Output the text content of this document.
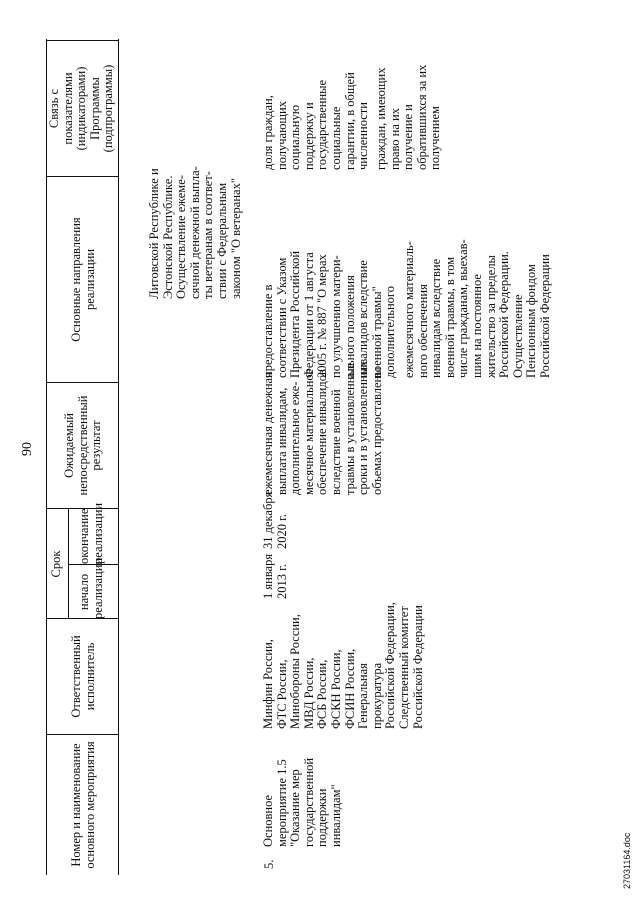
90
Номер и наименование основного мероприятия
Ответственный исполнитель
Срок
начало реализации
окончание реализации
Ожидаемый непосредственный результат
Основные направления реализации
Связь с показателями (индикаторами) Программы (подпрограммы)
Литовской Республике и Эстонской Республике. Осуществление ежеме- сячной денежной выпла- ты ветеранам в соответ- ствии с Федеральным законом "О ветеранах"
5.
Основное мероприятие 1.5 "Оказание мер государственной поддержки инвалидам"
Минфин России, ФТС России, Минобороны России, МВД России, ФСБ России, ФСКН России, ФСИН России, Генеральная прокуратура Российской Федерации, Следственный комитет Российской Федерации
1 января 2013 г.
31 декабря 2020 г.
ежемесячная денежная выплата инвалидам, дополнительное еже- месячное материальное обеспечение инвалидов вследствие военной травмы в установленные сроки и в установленных объемах предоставлены
предоставление в соответствии с Указом Президента Российской Федерации от 1 августа 2005 г. № 887 "О мерах по улучшению матери- ального положения инвалидов вследствие военной травмы" дополнительного ежемесячного материаль- ного обеспечения инвалидам вследствие военной травмы, в том числе гражданам, выехав- шим на постоянное жительство за пределы Российской Федерации. Осуществление Пенсионным фондом Российской Федерации
доля граждан, получающих социальную поддержку и государственные социальные гарантии, в общей численности граждан, имеющих право на их получение и обратившихся за их получением
27031164.doc
